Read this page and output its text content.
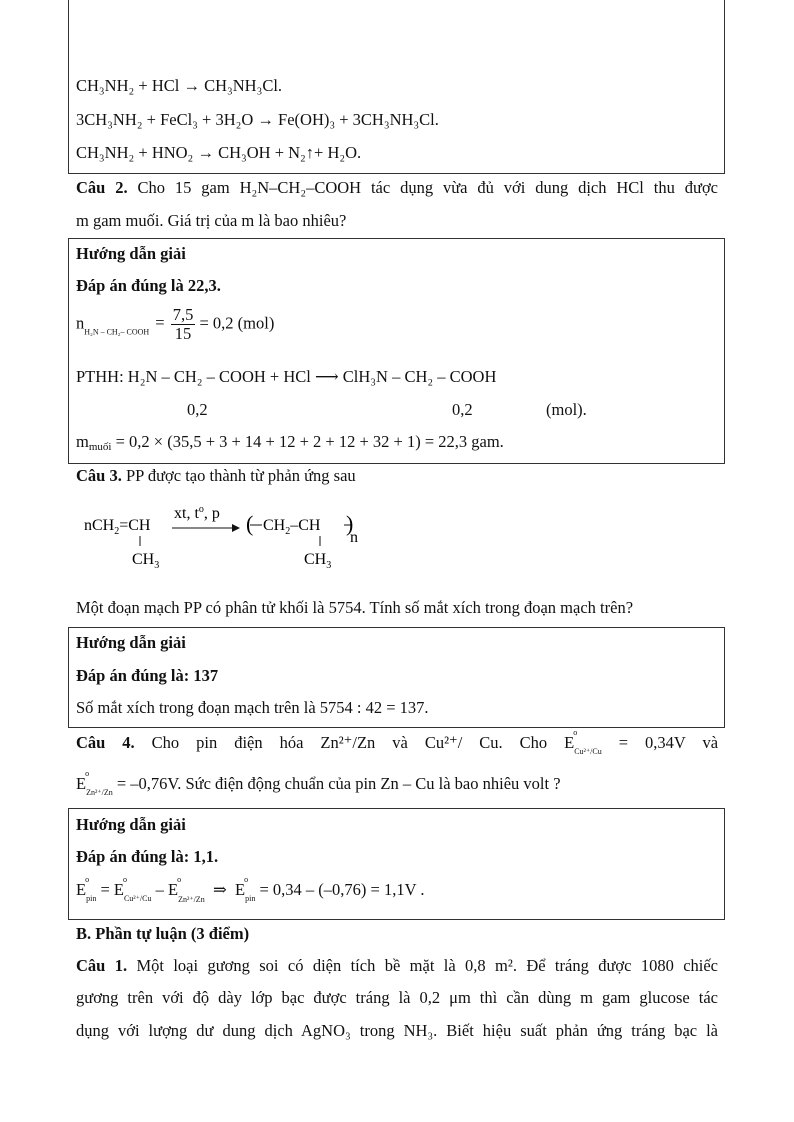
CH₃NH₂ + HCl → CH₃NH₃Cl.
3CH₃NH₂ + FeCl₃ + 3H₂O → Fe(OH)₃ + 3CH₃NH₃Cl.
CH₃NH₂ + HNO₂ → CH₃OH + N₂↑+ H₂O.
Câu 2. Cho 15 gam H₂N–CH₂–COOH tác dụng vừa đủ với dung dịch HCl thu được
m gam muối. Giá trị của m là bao nhiêu?
Hướng dẫn giải
Đáp án đúng là 22,3.
$n_{H_2N - CH_2- COOH} = \frac{7,5}{15} = 0,2$ (mol)
PTHH: H₂N – CH₂ – COOH + HCl ⟶ ClH₃N – CH₂ – COOH
0,2	0,2	(mol).
$m_{muối} = 0,2 \times (35,5 + 3 + 14 + 12 + 2 + 12 + 32 + 1) = 22,3$ gam.
Câu 3. PP được tạo thành từ phản ứng sau
nCH$_2$=CH
$CH_3$
xt, $t^o$, p ( $CH_2-CH$ )
n
$CH_3$
Một đoạn mạch PP có phân tử khối là 5754. Tính số mắt xích trong đoạn mạch trên?
Hướng dẫn giải
Đáp án đúng là: 137
Số mắt xích trong đoạn mạch trên là 5754 : 42 = 137.
Câu 4. Cho pin điện hóa Zn²⁺/Zn và Cu²⁺/ Cu. Cho E
o
$_{Cu^{2+}/Cu}$ = 0,34V và
E
o
$_{Zn^{2+}/Zn}$ = –0,76V. Sức điện động chuẩn của pin Zn – Cu là bao nhiêu volt ?
Hướng dẫn giải
Đáp án đúng là: 1,1.
E
o
$_{pin}$ = E
o
$_{Cu^{2+}/Cu}$ – E
o
$_{Zn^{2+}/Zn}$  ⇒ E
o
$_{pin}$ = 0,34 – (–0,76) = 1,1V .
B. Phần tự luận (3 điểm)
Câu 1. Một loại gương soi có diện tích bề mặt là 0,8 m². Để tráng được 1080 chiếc
gương trên với độ dày lớp bạc được tráng là 0,2 μm thì cần dùng m gam glucose tác
dụng với lượng dư dung dịch AgNO₃ trong NH₃. Biết hiệu suất phản ứng tráng bạc là
